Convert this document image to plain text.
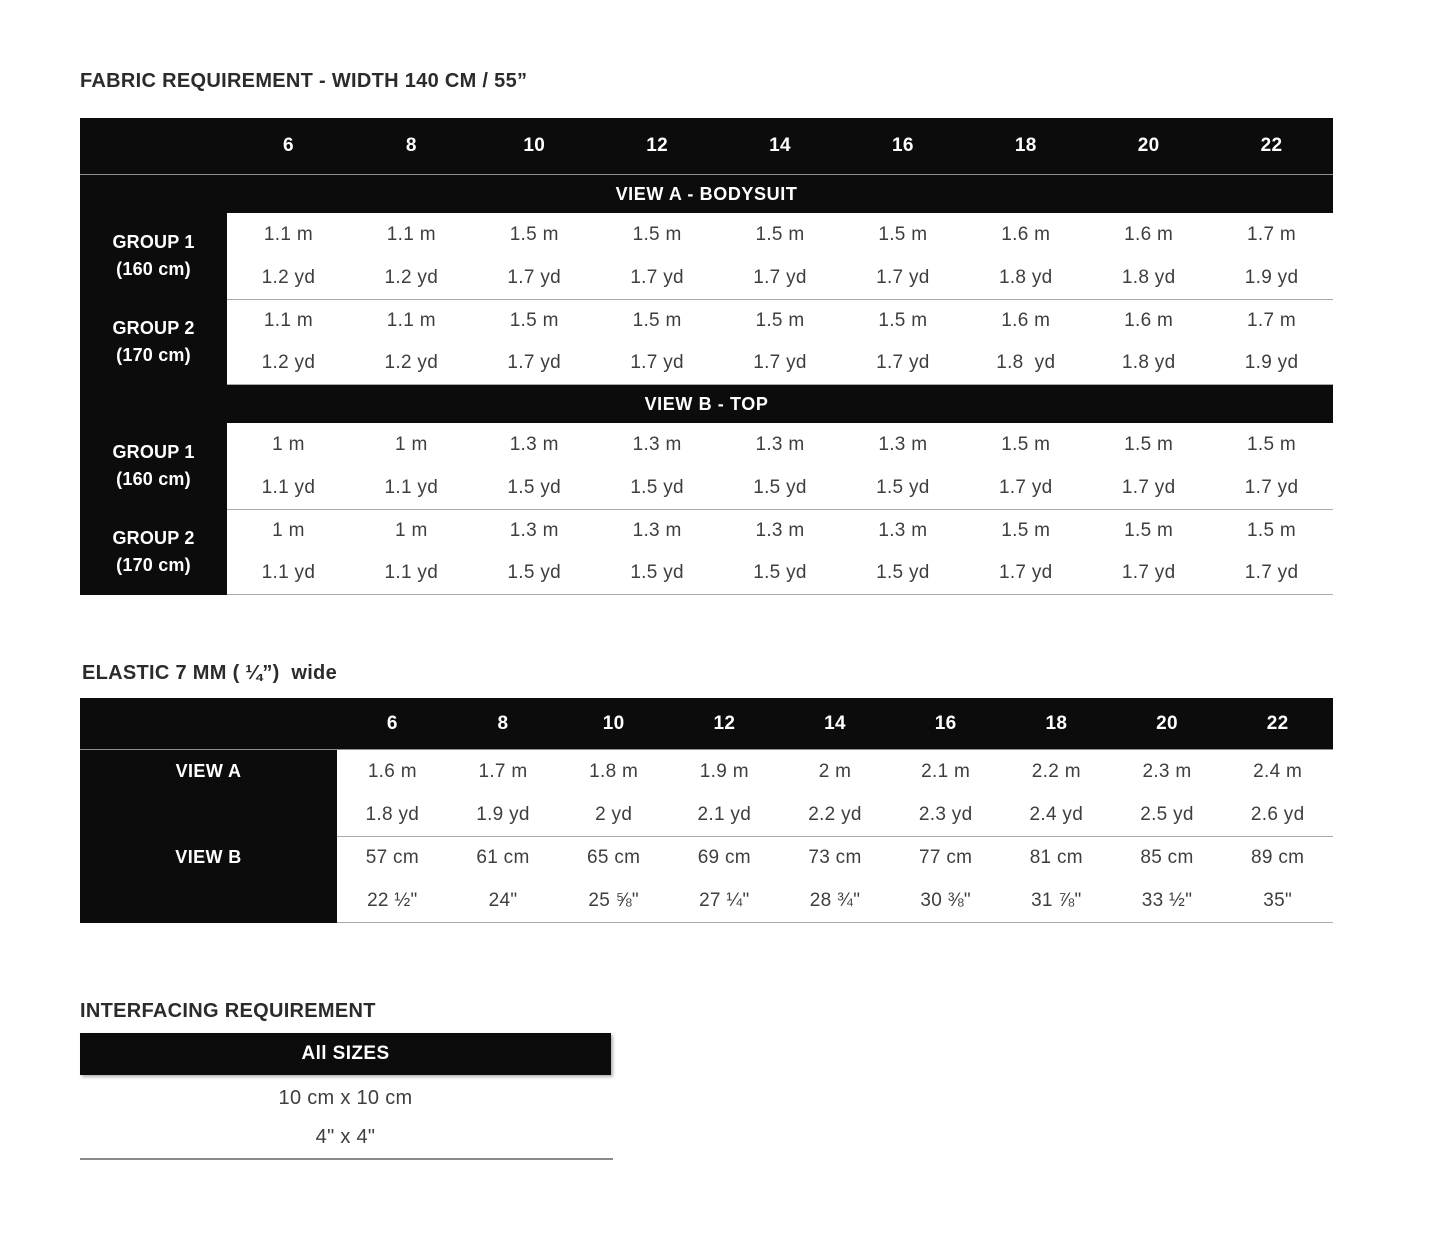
FABRIC REQUIREMENT - WIDTH 140 CM / 55”
6	8	10	12	14	16	18	20	22
VIEW A - BODYSUIT
GROUP 1
(160 cm)
1.1 m	1.1 m	1.5 m	1.5 m	1.5 m	1.5 m	1.6 m	1.6 m	1.7 m
1.2 yd	1.2 yd	1.7 yd	1.7 yd	1.7 yd	1.7 yd	1.8 yd	1.8 yd	1.9 yd
GROUP 2
(170 cm)
1.1 m	1.1 m	1.5 m	1.5 m	1.5 m	1.5 m	1.6 m	1.6 m	1.7 m
1.2 yd	1.2 yd	1.7 yd	1.7 yd	1.7 yd	1.7 yd	1.8  yd	1.8 yd	1.9 yd
VIEW B - TOP
GROUP 1
(160 cm)
1 m	1 m	1.3 m	1.3 m	1.3 m	1.3 m	1.5 m	1.5 m	1.5 m
1.1 yd	1.1 yd	1.5 yd	1.5 yd	1.5 yd	1.5 yd	1.7 yd	1.7 yd	1.7 yd
GROUP 2
(170 cm)
1 m	1 m	1.3 m	1.3 m	1.3 m	1.3 m	1.5 m	1.5 m	1.5 m
1.1 yd	1.1 yd	1.5 yd	1.5 yd	1.5 yd	1.5 yd	1.7 yd	1.7 yd	1.7 yd
ELASTIC 7 MM ( ¼”)  wide
6	8	10	12	14	16	18	20	22
VIEW A	1.6 m	1.7 m	1.8 m	1.9 m	2 m	2.1 m	2.2 m	2.3 m	2.4 m
1.8 yd	1.9 yd	2 yd	2.1 yd	2.2 yd	2.3 yd	2.4 yd	2.5 yd	2.6 yd
VIEW B	57 cm	61 cm	65 cm	69 cm	73 cm	77 cm	81 cm	85 cm	89 cm
22 ½"	24"	25 ⅝"	27 ¼"	28 ¾"	30 ⅜"	31 ⅞"	33 ½"	35"
INTERFACING REQUIREMENT
All SIZES
10 cm x 10 cm
4" x 4"
